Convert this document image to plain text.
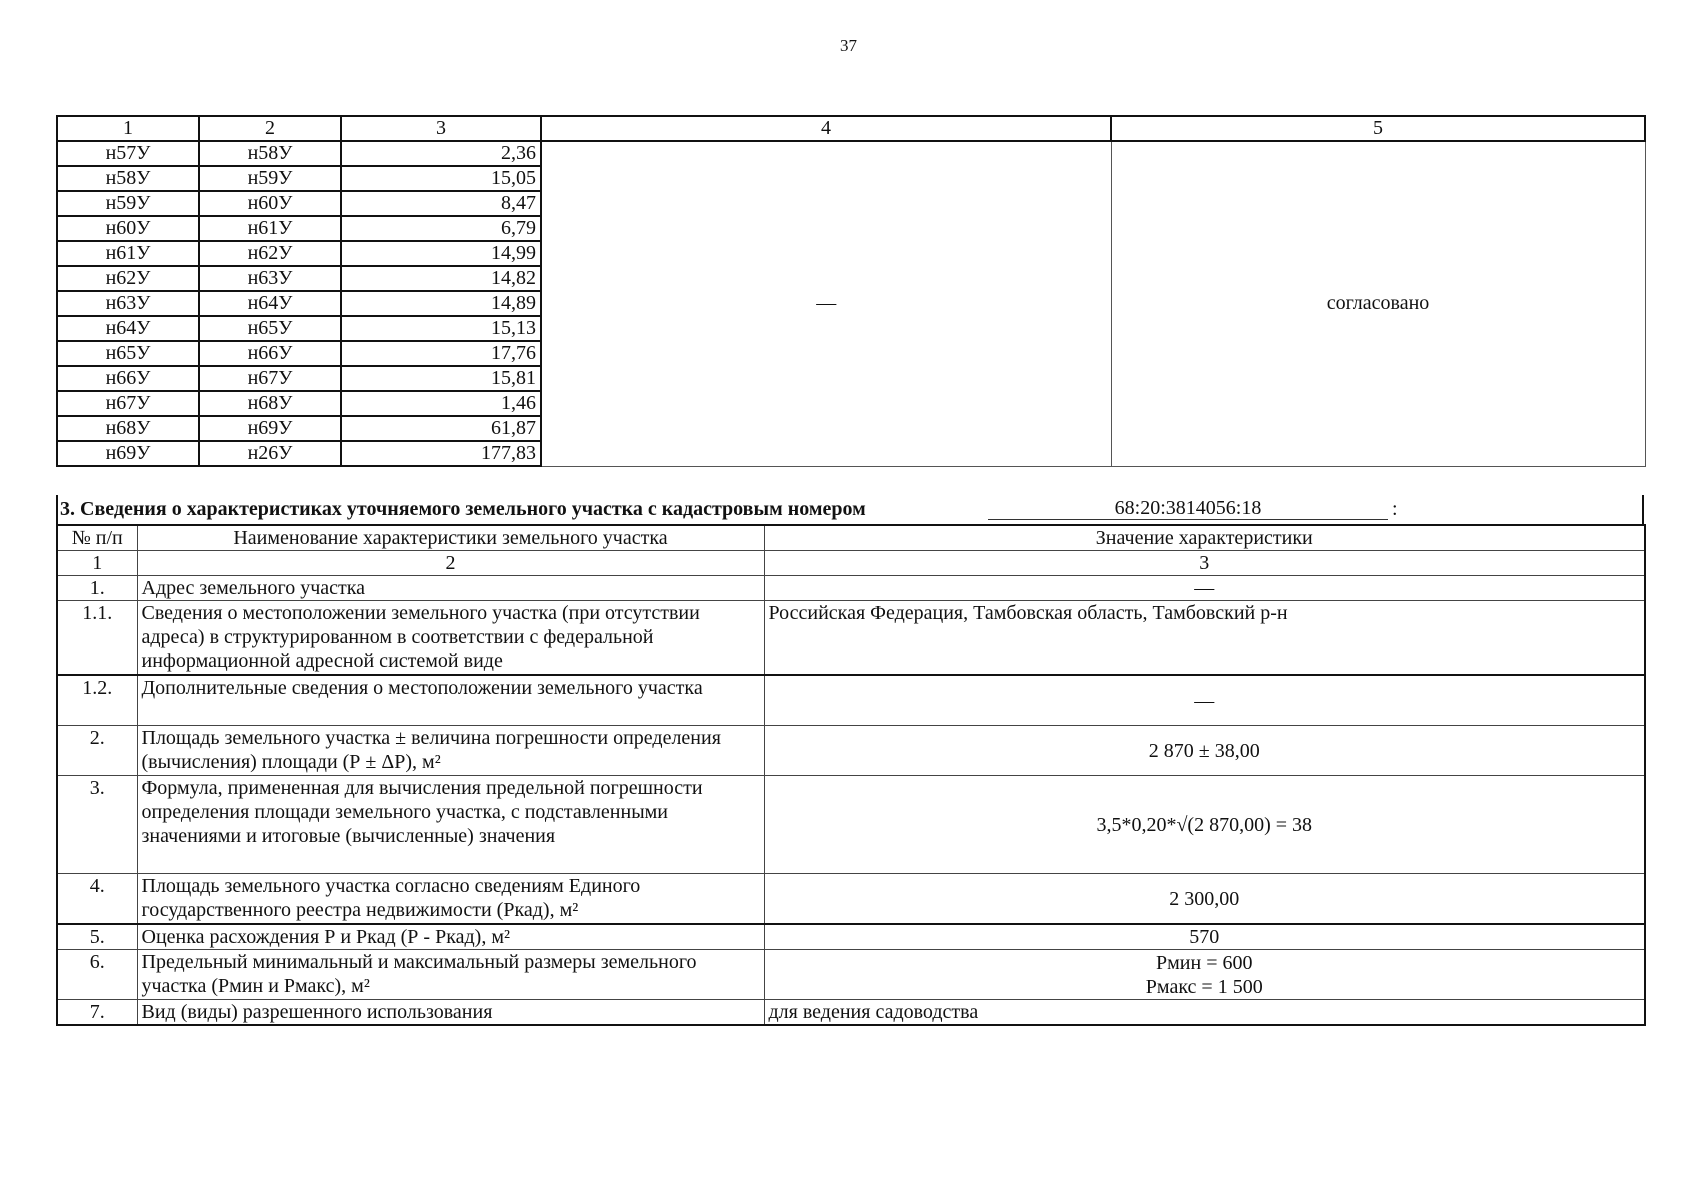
37
1	2	3	4	5
н57У	н58У	2,36	—	согласовано
н58У	н59У	15,05		
н59У	н60У	8,47		
н60У	н61У	6,79		
н61У	н62У	14,99		
н62У	н63У	14,82		
н63У	н64У	14,89		
н64У	н65У	15,13		
н65У	н66У	17,76		
н66У	н67У	15,81		
н67У	н68У	1,46		
н68У	н69У	61,87		
н69У	н26У	177,83		
3. Сведения о характеристиках уточняемого земельного участка с кадастровым номером	68:20:3814056:18	:
№ п/п	Наименование характеристики земельного участка	Значение характеристики
1	2	3
1.	Адрес земельного участка	—
1.1.	Сведения о местоположении земельного участка (при отсутствии адреса) в структурированном в соответствии с федеральной информационной адресной системой виде	Российская Федерация, Тамбовская область, Тамбовский р-н
1.2.	Дополнительные сведения о местоположении земельного участка	—
2.	Площадь земельного участка ± величина погрешности определения (вычисления) площади (Р ± ΔР), м²	2 870 ± 38,00
3.	Формула, примененная для вычисления предельной погрешности определения площади земельного участка, с подставленными значениями и итоговые (вычисленные) значения	3,5*0,20*√(2 870,00) = 38
4.	Площадь земельного участка согласно сведениям Единого государственного реестра недвижимости (Ркад), м²	2 300,00
5.	Оценка расхождения Р и Ркад (Р - Ркад), м²	570
6.	Предельный минимальный и максимальный размеры земельного участка (Рмин и Рмакс), м²	Рмин = 600
Рмакс = 1 500

7.	Вид (виды) разрешенного использования	для ведения садоводства
